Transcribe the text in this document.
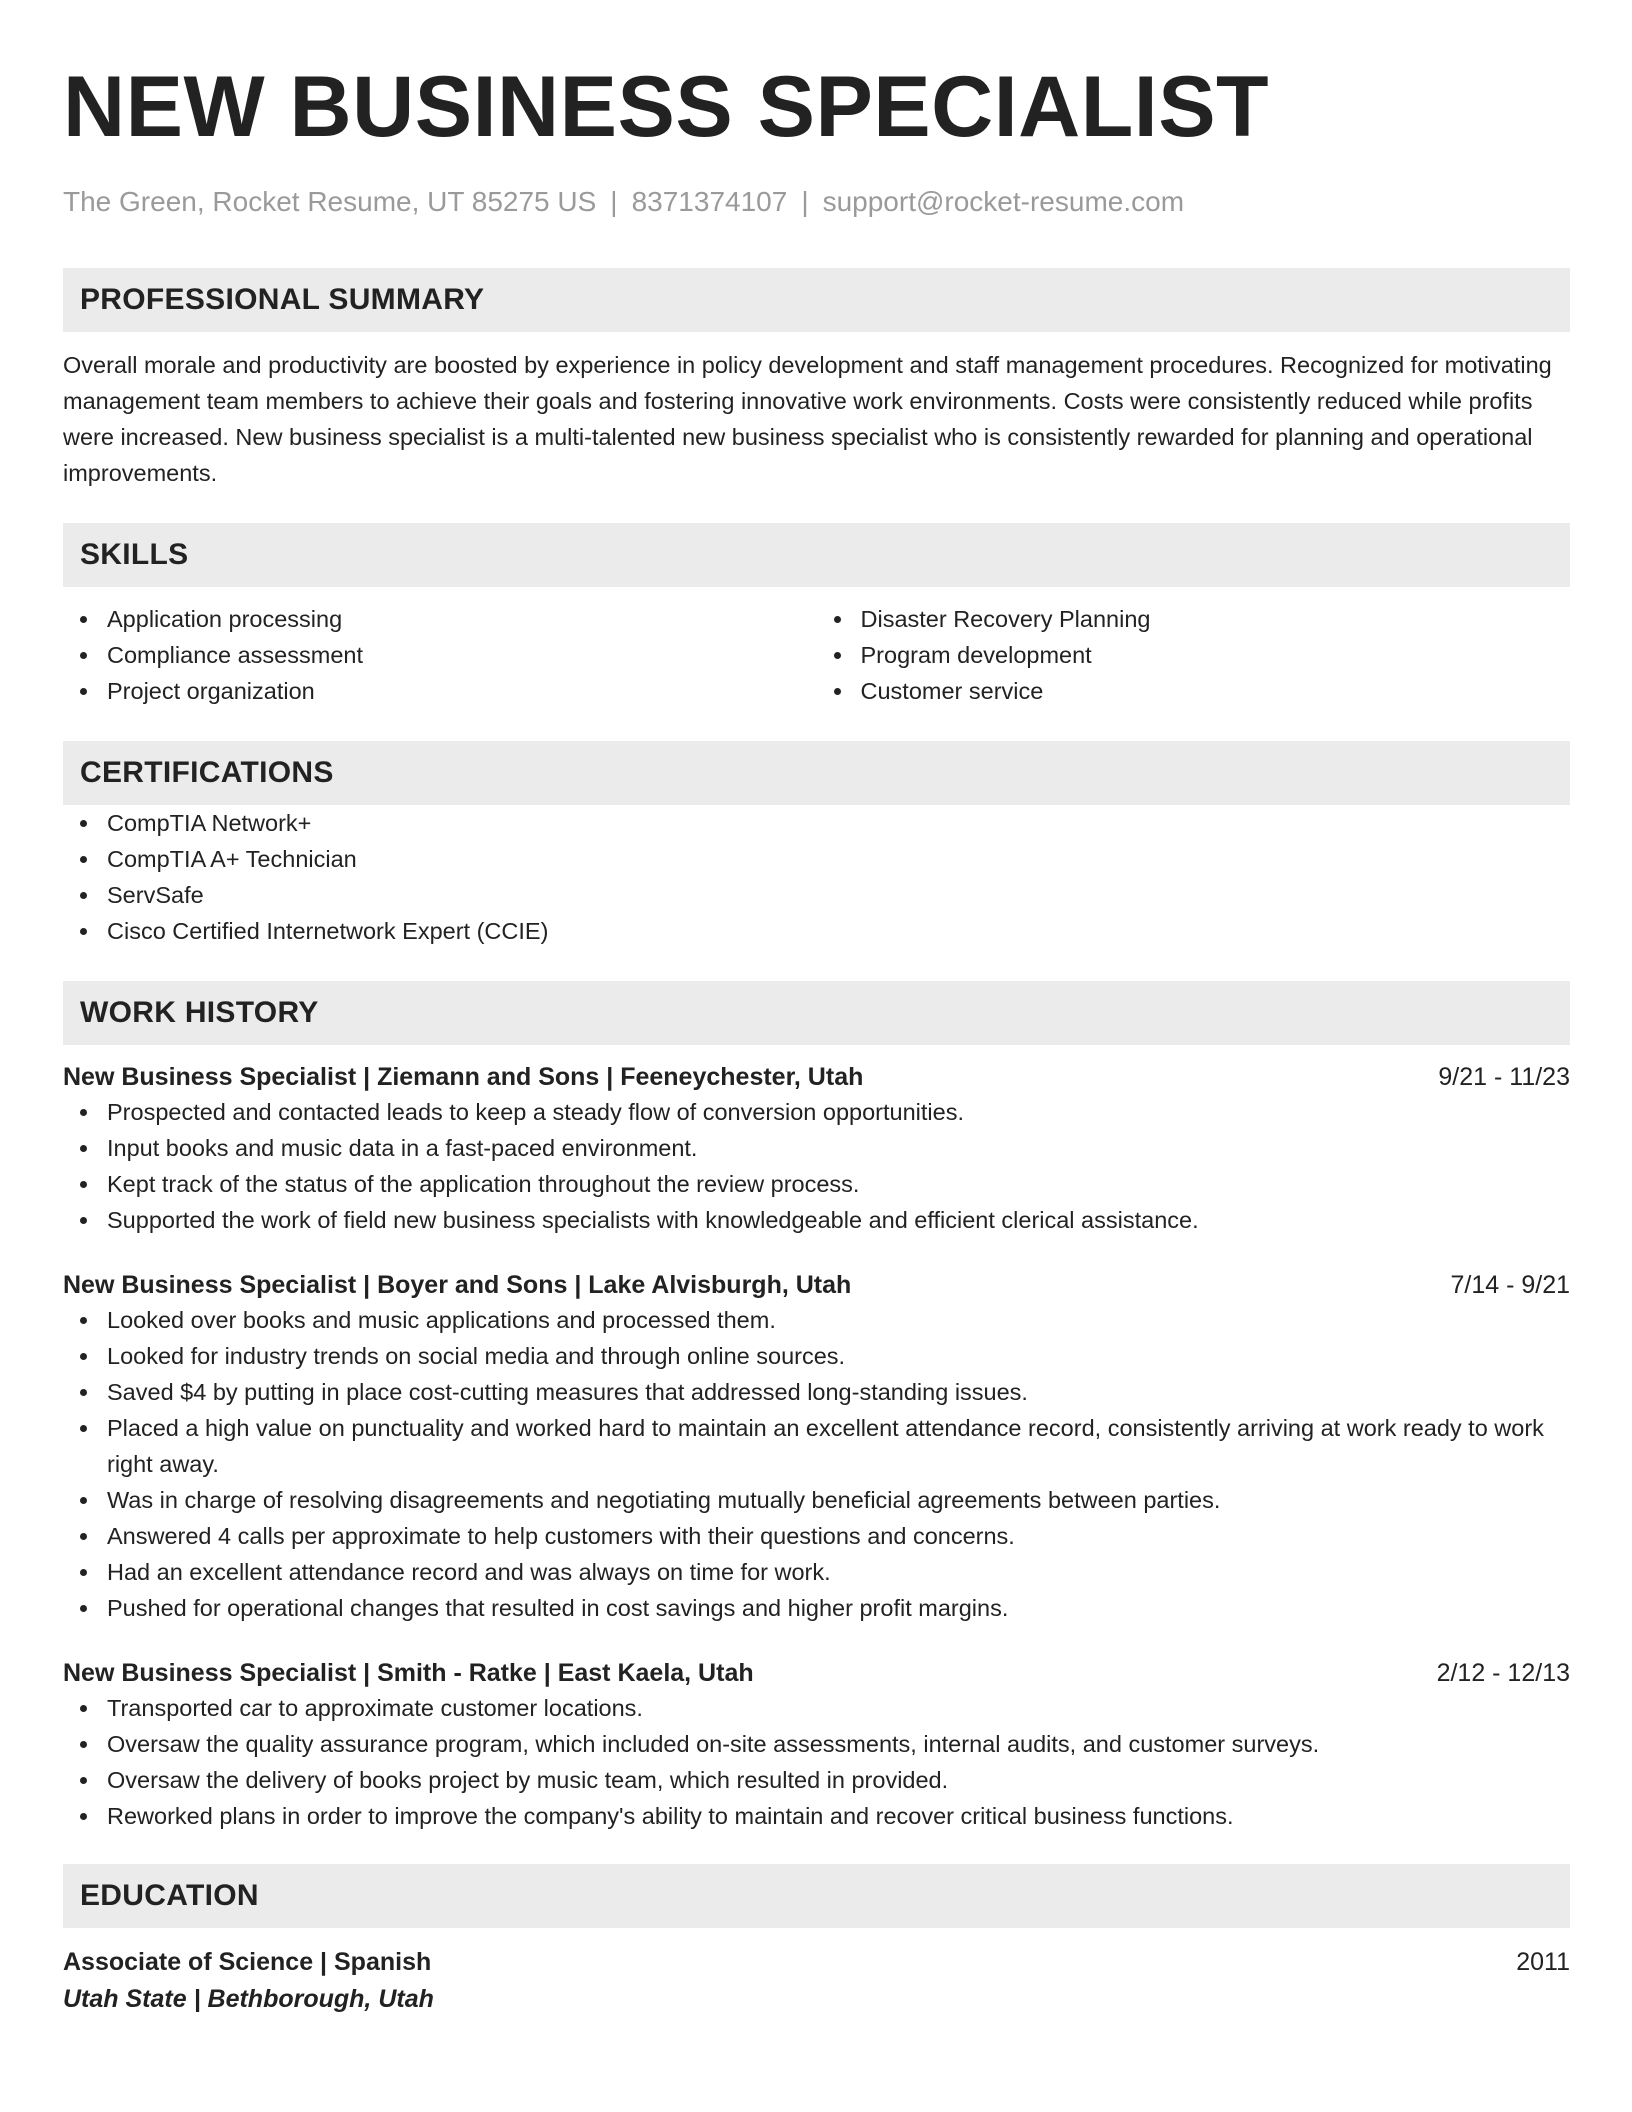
NEW BUSINESS SPECIALIST
The Green, Rocket Resume, UT 85275 US | 8371374107 | support@rocket-resume.com
PROFESSIONAL SUMMARY
Overall morale and productivity are boosted by experience in policy development and staff management procedures. Recognized for motivating management team members to achieve their goals and fostering innovative work environments. Costs were consistently reduced while profits were increased. New business specialist is a multi-talented new business specialist who is consistently rewarded for planning and operational improvements.
SKILLS
Application processing
Compliance assessment
Project organization
Disaster Recovery Planning
Program development
Customer service
CERTIFICATIONS
CompTIA Network+
CompTIA A+ Technician
ServSafe
Cisco Certified Internetwork Expert (CCIE)
WORK HISTORY
New Business Specialist | Ziemann and Sons | Feeneychester, Utah	9/21 - 11/23
Prospected and contacted leads to keep a steady flow of conversion opportunities.
Input books and music data in a fast-paced environment.
Kept track of the status of the application throughout the review process.
Supported the work of field new business specialists with knowledgeable and efficient clerical assistance.
New Business Specialist | Boyer and Sons | Lake Alvisburgh, Utah	7/14 - 9/21
Looked over books and music applications and processed them.
Looked for industry trends on social media and through online sources.
Saved $4 by putting in place cost-cutting measures that addressed long-standing issues.
Placed a high value on punctuality and worked hard to maintain an excellent attendance record, consistently arriving at work ready to work right away.
Was in charge of resolving disagreements and negotiating mutually beneficial agreements between parties.
Answered 4 calls per approximate to help customers with their questions and concerns.
Had an excellent attendance record and was always on time for work.
Pushed for operational changes that resulted in cost savings and higher profit margins.
New Business Specialist | Smith - Ratke | East Kaela, Utah	2/12 - 12/13
Transported car to approximate customer locations.
Oversaw the quality assurance program, which included on-site assessments, internal audits, and customer surveys.
Oversaw the delivery of books project by music team, which resulted in provided.
Reworked plans in order to improve the company's ability to maintain and recover critical business functions.
EDUCATION
Associate of Science | Spanish	2011
Utah State | Bethborough, Utah
